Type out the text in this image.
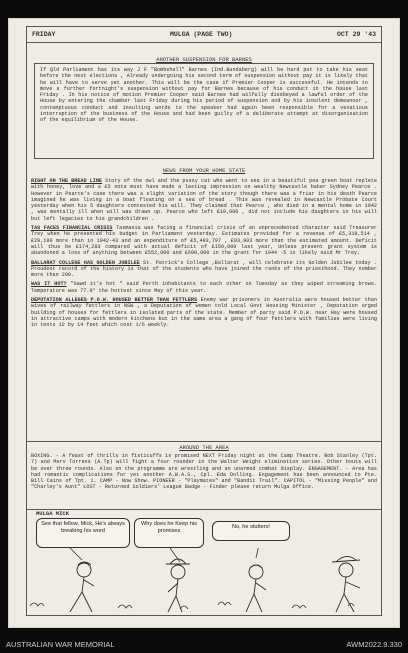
FRIDAY	MULGA (PAGE TWO)	OCT 29 '43
ANOTHER SUSPENSION FOR BARNES
If Qld Parliament has its way J F "Bombshell" Barnes (Ind.Bundaberg) will be hard put to take his seat before the next elections , Already undergoing his second term of suspension without pay it is likely that he will have to serve yet another. This will be the case if Premier Cooper is successful. He intends to move a further fortnight's suspension without pay for Barnes because of his conduct in the house last Friday . In his notice of motion Premier Cooper said Barnes had wilfully disobeyed a lawful order of the House by entering the chamber last Friday during his period of suspension and by his insolent demeanour , contemptuous conduct and insulting words to the speaker had again been responsible for a vexatious interruption of the business of the House and had been guilty of a deliberate attempt at disorganisation of the equilibrium of the House.
NEWS FROM YOUR HOME STATE
RIGHT ON THE BREAD LINE Story of the owl and the pussy cat who went to sea in a beautiful pea green boat replete with honey, love and a £5 note must have made a lasting impression on wealthy Newcastle baker Sydney Pearce . However in Pearce's case there was a slight variation of the story though there was a friar in his death Pearce imagined he was living in a boat floating on a sea of bread . This was revealed in Newcastle Probate Court yesterday when his 5 daughters contested his will. They claimed that Pearce , who died in a mental home in 1942 , was mentally ill when will was drawn up. Pearce who left £10,000 , did not include his daughters in his will but left legacies to his grandchildren .
TAS FACES FINANCIAL CRISIS Tasmania was facing a financial crisis of an unprecedented character said Treasurer Trey when he presented his budget in Parliament yesterday. Estimates provided for a revenue of £5,319,514 , £29,190 more than in 1942-43 and an expenditure of £5,493,797 , £93,993 more than the estimated amount. Deficit will thus be £174,283 compared with actual deficit of £150,000 last year, Unless present grant system is abandoned a loss of anything between £552,000 and £600,000 in the grant for 1944 -5 is likely said Mr Trey.
BALLARAT COLLEGE HAS GOLDEN JUBILEE St. Patrick's College ,Ballarat , will celebrate its Golden Jubilee today . Proudest record of the history is that of the students who have joined the ranks of the priesthood. They number more than 200.
WAS IT HOT? "Gawd it's hot " said Perth inhabitants to each other on Tuesday as they wiped streaming brows. Temperature was 77.9° the hottest since May of this year.
DEPUTATION ALLEGES P.O.W. HOUSED BETTER THAN FETTLERS Enemy war prisoners in Australia were housed better than wives of railway fettlers in NSW , a Deputation of women told Local Govt Housing Minister , Deputation urged building of houses for fettlers in isolated parts of the state. Member of party said P.O.W. near Hay were housed in attractive camps with modern kitchens but in the same area a gang of four fettlers with families were living in tents 12 by 14 feet which cost 1/6 weekly.
AROUND THE AREA
BOXING. - A feast of thrills in fisticuffs is promised NEXT Friday night at the Camp Theatre. Bob Stanley (Tpt. 7) and Merv Torrens (A.Tp) will fight a four rounder in the Walter Weight elimination series. Other bouts will be over three rounds. Also on the programme are wrestling and an unarmed combat display. ENGAGEMENT. - Area has had romantic complications for yet another A.W.A.S., Cpl. Eda Dolling. Engagement has been announced to Pte. Bill Cains of Tpt. 1. CAMP - Now Show. PIONEER - "Playmates" and "Bandit Trail". CAPITOL - "Missing People" and "Charley's Aunt" LOST - Returned Soldiers' League Badge - Finder please return Mulga Office.
MULGA MICK
See that fellow, Mick, He's always breaking his word
Why does he Keep his promises
No, he stutters!
AUSTRALIAN WAR MEMORIAL	AWM2022.9.330
